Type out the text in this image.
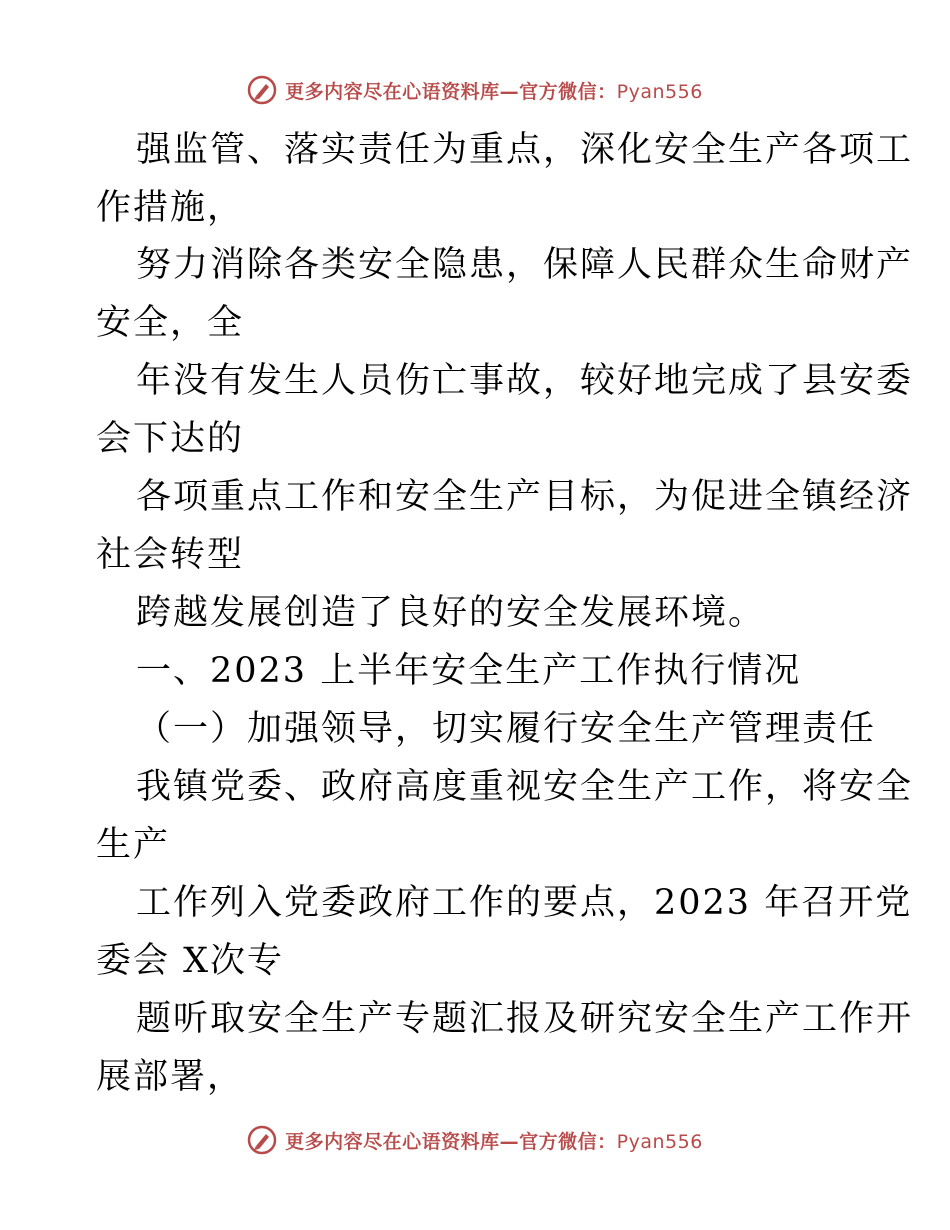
更多内容尽在心语资料库—官方微信：Pyan556
强监管、落实责任为重点，深化安全生产各项工
作措施，
努力消除各类安全隐患，保障人民群众生命财产
安全，全
年没有发生人员伤亡事故，较好地完成了县安委
会下达的
各项重点工作和安全生产目标，为促进全镇经济
社会转型
跨越发展创造了良好的安全发展环境。
一、2023 上半年安全生产工作执行情况
（一）加强领导，切实履行安全生产管理责任
我镇党委、政府高度重视安全生产工作，将安全
生产
工作列入党委政府工作的要点，2023 年召开党
委会 X次专
题听取安全生产专题汇报及研究安全生产工作开
展部署，
更多内容尽在心语资料库—官方微信：Pyan556
